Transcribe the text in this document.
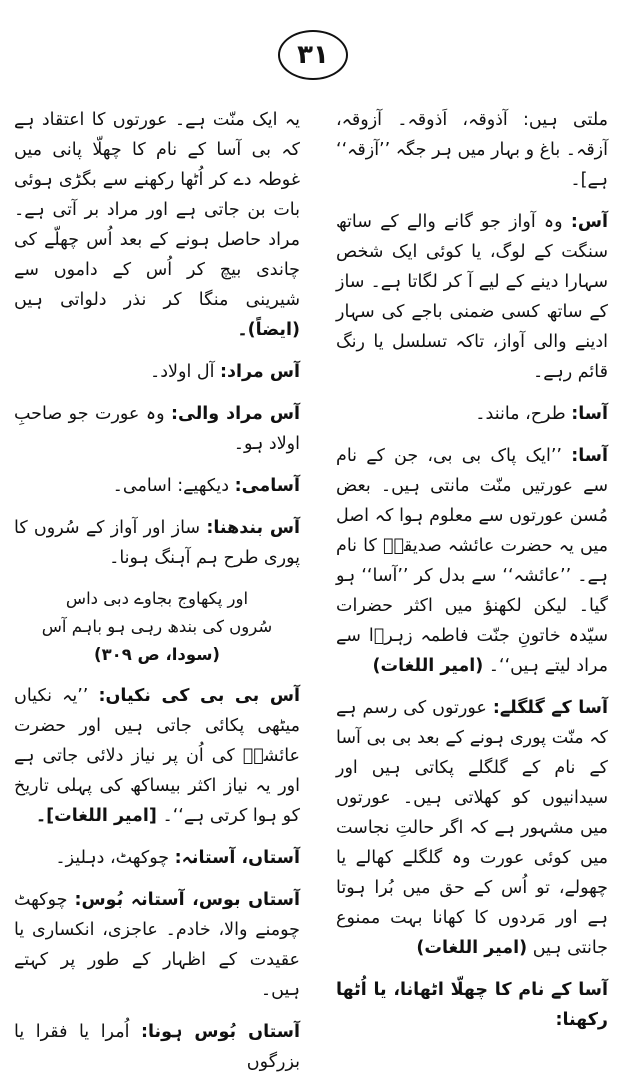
۳۱

ملتی ہیں: آذوقہ، اَذوقہ۔ آزوقہ، آزقہ۔ باغ و بہار میں ہر جگہ ’’آزقہ‘‘ ہے]۔

آس: وہ آواز جو گانے والے کے ساتھ سنگت کے لوگ، یا کوئی ایک شخص سہارا دینے کے لیے آ کر لگاتا ہے۔ ساز کے ساتھ کسی ضمنی باجے کی سہار ادینے والی آواز، تاکہ تسلسل یا رنگ قائم رہے۔

آسا: طرح، مانند۔

آسا: ’’ایک پاک بی بی، جن کے نام سے عورتیں منّت مانتی ہیں۔ بعض مُسن عورتوں سے معلوم ہوا کہ اصل میں یہ حضرت عائشہ صدیقہؓ کا نام ہے۔ ’’عائشہ‘‘ سے بدل کر ’’آسا‘‘ ہو گیا۔ لیکن لکھنؤ میں اکثر حضرات سیّدہ خاتونِ جنّت فاطمہ زہرؓا سے مراد لیتے ہیں‘‘۔ (امیر اللغات)

آسا کے گلگلے: عورتوں کی رسم ہے کہ منّت پوری ہونے کے بعد بی بی آسا کے نام کے گلگلے پکاتی ہیں اور سیدانیوں کو کھلاتی ہیں۔ عورتوں میں مشہور ہے کہ اگر حالتِ نجاست میں کوئی عورت وہ گلگلے کھالے یا چھولے، تو اُس کے حق میں بُرا ہوتا ہے اور مَردوں کا کھانا بہت ممنوع جانتی ہیں (امیر اللغات)

آسا کے نام کا چھلّا اٹھانا، یا اُٹھا رکھنا:

یہ ایک منّت ہے۔ عورتوں کا اعتقاد ہے کہ بی آسا کے نام کا چھلّا پانی میں غوطہ دے کر اُٹھا رکھنے سے بگڑی ہوئی بات بن جاتی ہے اور مراد بر آتی ہے۔ مراد حاصل ہونے کے بعد اُس چھلّے کی چاندی بیچ کر اُس کے داموں سے شیرینی منگا کر نذر دلواتی ہیں (ایضاً)۔

آس مراد: آل اولاد۔

آس مراد والی: وہ عورت جو صاحبِ اولاد ہو۔

آسامی: دیکھیے: اسامی۔

آس بندھنا: ساز اور آواز کے سُروں کا پوری طرح ہم آہنگ ہونا۔

اور پکھاوج بجاوے دبی داس
سُروں کی بندھ رہی ہو باہم آس
(سودا، ص ۳۰۹)

آس بی بی کی نکیاں: ’’یہ نکیاں میٹھی پکائی جاتی ہیں اور حضرت عائشہؓ کی اُن پر نیاز دلائی جاتی ہے اور یہ نیاز اکثر بیساکھ کی پہلی تاریخ کو ہوا کرتی ہے‘‘۔ [امیر اللغات]۔

آستاں، آستانہ: چوکھٹ، دہلیز۔

آستاں بوس، آستانہ بُوس: چوکھٹ چومنے والا، خادم۔ عاجزی، انکساری یا عقیدت کے اظہار کے طور پر کہتے ہیں۔

آستاں بُوس ہونا: اُمرا یا فقرا یا بزرگوں
